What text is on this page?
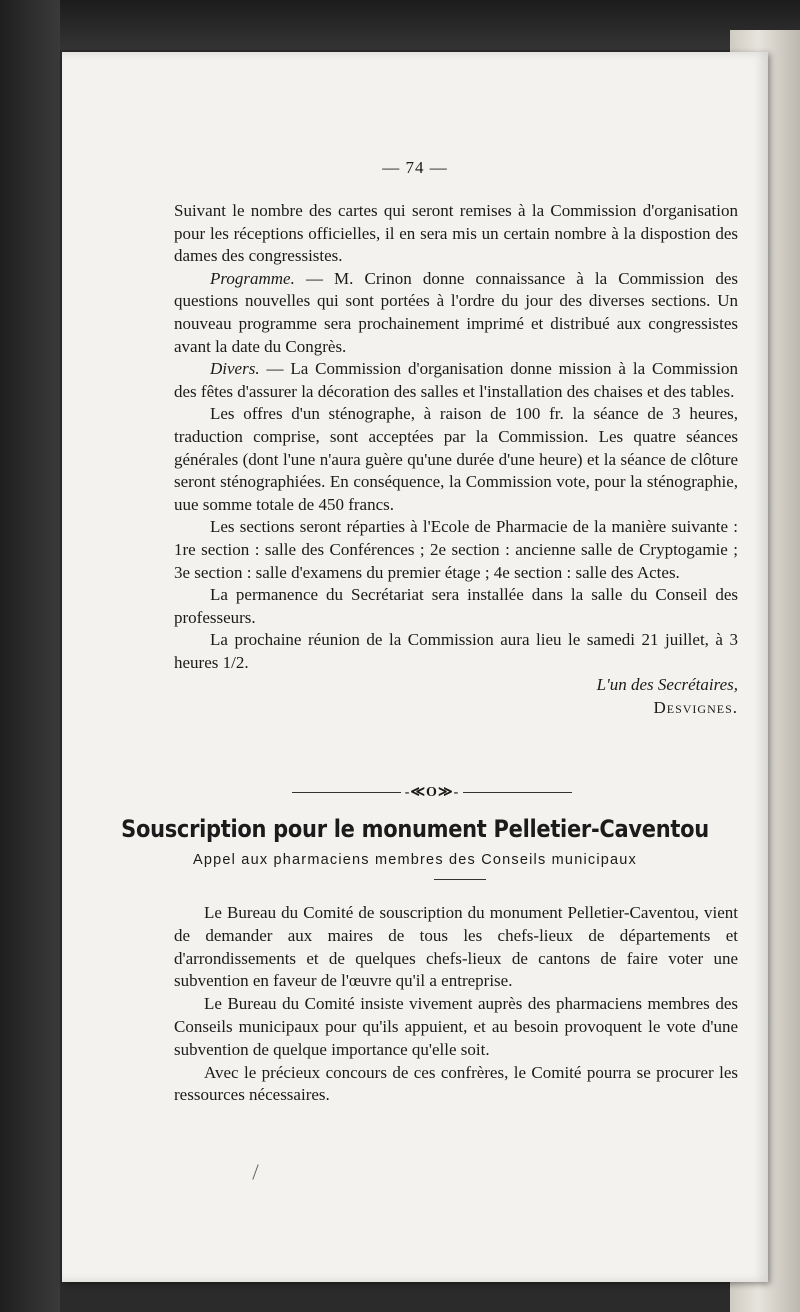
— 74 —

Suivant le nombre des cartes qui seront remises à la Commission d'organisation pour les réceptions officielles, il en sera mis un certain nombre à la dispostion des dames des congressistes.

Programme. — M. Crinon donne connaissance à la Commission des questions nouvelles qui sont portées à l'ordre du jour des diverses sections. Un nouveau programme sera prochainement imprimé et distribué aux congressistes avant la date du Congrès.

Divers. — La Commission d'organisation donne mission à la Commission des fêtes d'assurer la décoration des salles et l'installation des chaises et des tables.

Les offres d'un sténographe, à raison de 100 fr. la séance de 3 heures, traduction comprise, sont acceptées par la Commission. Les quatre séances générales (dont l'une n'aura guère qu'une durée d'une heure) et la séance de clôture seront sténographiées. En conséquence, la Commission vote, pour la sténographie, uue somme totale de 450 francs.

Les sections seront réparties à l'Ecole de Pharmacie de la manière suivante : 1re section : salle des Conférences ; 2e section : ancienne salle de Cryptogamie ; 3e section : salle d'examens du premier étage ; 4e section : salle des Actes.

La permanence du Secrétariat sera installée dans la salle du Conseil des professeurs.

La prochaine réunion de la Commission aura lieu le samedi 21 juillet, à 3 heures 1/2.

L'un des Secrétaires,

Desvignes.

-≪O≫-
Souscription pour le monument Pelletier-Caventou
Appel aux pharmaciens membres des Conseils municipaux

Le Bureau du Comité de souscription du monument Pelletier-Caventou, vient de demander aux maires de tous les chefs-lieux de départements et d'arrondissements et de quelques chefs-lieux de cantons de faire voter une subvention en faveur de l'œuvre qu'il a entreprise.

Le Bureau du Comité insiste vivement auprès des pharmaciens membres des Conseils municipaux pour qu'ils appuient, et au besoin provoquent le vote d'une subvention de quelque importance qu'elle soit.

Avec le précieux concours de ces confrères, le Comité pourra se procurer les ressources nécessaires.
